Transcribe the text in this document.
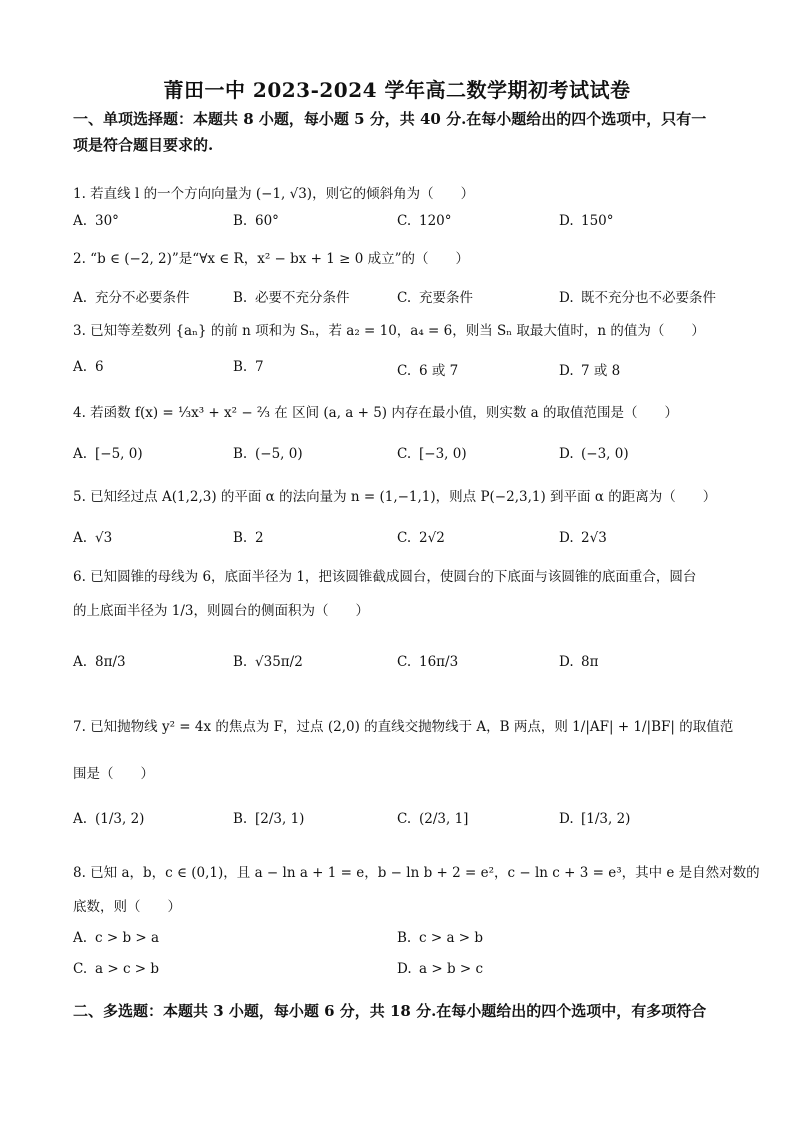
莆田一中 2023-2024 学年高二数学期初考试试卷
一、单项选择题：本题共 8 小题，每小题 5 分，共 40 分.在每小题给出的四个选项中，只有一
项是符合题目要求的.
1. 若直线 l 的一个方向向量为 (−1, √3)，则它的倾斜角为（　　）
A. 30°	B. 60°	C. 120°	D. 150°
2. “b ∈ (−2, 2)”是“∀x ∈ R，x² − bx + 1 ≥ 0 成立”的（　　）
A. 充分不必要条件	B. 必要不充分条件	C. 充要条件	D. 既不充分也不必要条件
3. 已知等差数列 {aₙ} 的前 n 项和为 Sₙ，若 a₂ = 10，a₄ = 6，则当 Sₙ 取最大值时，n 的值为（　　）
A. 6	B. 7	C. 6 或 7	D. 7 或 8
4. 若函数 f(x) = ⅓x³ + x² − ⅔ 在 区间 (a, a + 5) 内存在最小值，则实数 a 的取值范围是（　　）
A. [−5, 0)	B. (−5, 0)	C. [−3, 0)	D. (−3, 0)
5. 已知经过点 A(1,2,3) 的平面 α 的法向量为 n = (1,−1,1)，则点 P(−2,3,1) 到平面 α 的距离为（　　）
A. √3	B. 2	C. 2√2	D. 2√3
6. 已知圆锥的母线为 6，底面半径为 1，把该圆锥截成圆台，使圆台的下底面与该圆锥的底面重合，圆台
的上底面半径为 1/3，则圆台的侧面积为（　　）
A. 8π/3	B. √35π/2	C. 16π/3	D. 8π
7. 已知抛物线 y² = 4x 的焦点为 F，过点 (2,0) 的直线交抛物线于 A，B 两点，则 1/|AF| + 1/|BF| 的取值范
围是（　　）
A. (1/3, 2)	B. [2/3, 1)	C. (2/3, 1]	D. [1/3, 2)
8. 已知 a，b，c ∈ (0,1)，且 a − ln a + 1 = e，b − ln b + 2 = e²，c − ln c + 3 = e³，其中 e 是自然对数的
底数，则（　　）
A. c > b > a	B. c > a > b
C. a > c > b	D. a > b > c
二、多选题：本题共 3 小题，每小题 6 分，共 18 分.在每小题给出的四个选项中，有多项符合
